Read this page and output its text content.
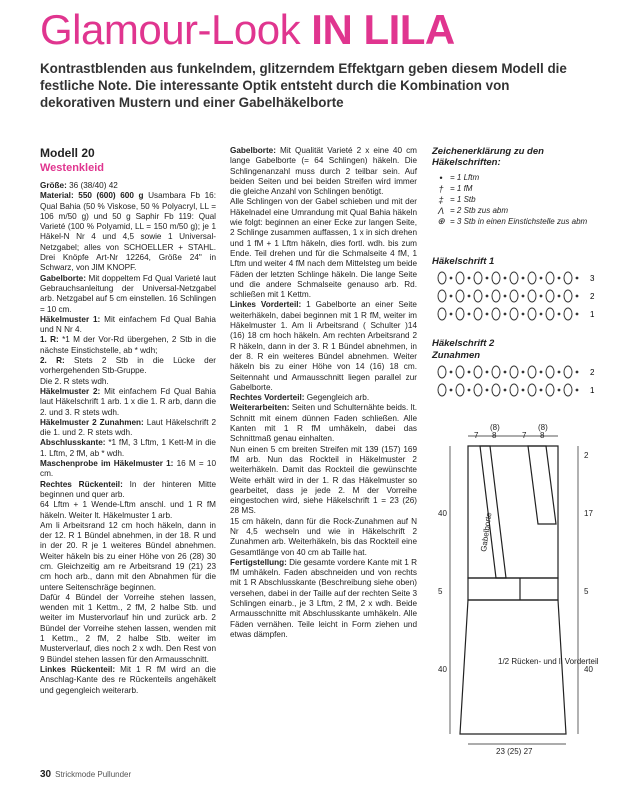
Glamour-Look IN LILA
Kontrastblenden aus funkelndem, glitzerndem Effektgarn geben diesem Modell die festliche Note. Die interessante Optik entsteht durch die Kombination von dekorativen Mustern und einer Gabelhäkelborte

Modell 20

Westenkleid

Größe: 36 (38/40) 42

Material: 550 (600) 600 g Usambara Fb 16: Qual Bahia (50 % Viskose, 50 % Polyacryl, LL = 106 m/50 g) und 50 g Saphir Fb 119: Qual Varieté (100 % Polyamid, LL = 150 m/50 g); je 1 Häkel-N Nr 4 und 4,5 sowie 1 Universal-Netzgabel; alles von SCHOELLER + STAHL. Drei Knöpfe Art-Nr 12264, Größe 24" in Schwarz, von JIM KNOPF.

Gabelborte: Mit doppeltem Fd Qual Varieté laut Gebrauchsanleitung der Universal-Netzgabel arb. Netzgabel auf 5 cm einstellen. 16 Schlingen = 10 cm.

Häkelmuster 1: Mit einfachem Fd Qual Bahia und N Nr 4.

1. R: *1 M der Vor-Rd übergehen, 2 Stb in die nächste Einstichstelle, ab * wdh;

2. R: Stets 2 Stb in die Lücke der vorhergehenden Stb-Gruppe.

Die 2. R stets wdh.

Häkelmuster 2: Mit einfachem Fd Qual Bahia laut Häkelschrift 1 arb. 1 x die 1. R arb, dann die 2. und 3. R stets wdh.

Häkelmuster 2 Zunahmen: Laut Häkelschrift 2 die 1. und 2. R stets wdh.

Abschlusskante: *1 fM, 3 Lftm, 1 Kett-M in die 1. Lftm, 2 fM, ab * wdh.

Maschenprobe im Häkelmuster 1: 16 M = 10 cm.

Rechtes Rückenteil: In der hinteren Mitte beginnen und quer arb.

64 Lftm + 1 Wende-Lftm anschl. und 1 R fM häkeln. Weiter lt. Häkelmuster 1 arb.

Am li Arbeitsrand 12 cm hoch häkeln, dann in der 12. R 1 Bündel abnehmen, in der 18. R und in der 20. R je 1 weiteres Bündel abnehmen. Weiter häkeln bis zu einer Höhe von 26 (28) 30 cm. Gleichzeitig am re Arbeitsrand 19 (21) 23 cm hoch arb., dann mit den Abnahmen für die untere Seitenschräge beginnen.

Dafür 4 Bündel der Vorreihe stehen lassen, wenden mit 1 Kettm., 2 fM, 2 halbe Stb. und weiter im Mustervorlauf hin und zurück arb. 2 Bündel der Vorreihe stehen lassen, wenden mit 1 Kettm., 2 fM, 2 halbe Stb. weiter im Musterverlauf, dies noch 2 x wdh. Den Rest von 9 Bündel stehen lassen für den Armausschnitt.

Linkes Rückenteil: Mit 1 R fM wird an die Anschlag-Kante des re Rückenteils angehäkelt und gegengleich weiterarb.

Gabelborte: Mit Qualität Varieté 2 x eine 40 cm lange Gabelborte (= 64 Schlingen) häkeln. Die Schlingenanzahl muss durch 2 teilbar sein. Auf beiden Seiten und bei beiden Streifen wird immer die gleiche Anzahl von Schlingen benötigt.

Alle Schlingen von der Gabel schieben und mit der Häkelnadel eine Umrandung mit Qual Bahia häkeln wie folgt: beginnen an einer Ecke zur langen Seite, 2 Schlinge zusammen auffassen, 1 x in sich drehen und 1 fM + 1 Lftm häkeln, dies fortl. wdh. bis zum Ende. Teil drehen und für die Schmalseite 4 fM, 1 Lftm und weiter 4 fM nach dem Mittelsteg um beide Fäden der letzten Schlinge häkeln. Die lange Seite und die andere Schmalseite genauso arb. Rd. schließen mit 1 Kettm.

Linkes Vorderteil: 1 Gabelborte an einer Seite weiterhäkeln, dabei beginnen mit 1 R fM, weiter im Häkelmuster 1. Am li Arbeitsrand ( Schulter )14 (16) 18 cm hoch häkeln. Am rechten Arbeitsrand 2 R häkeln, dann in der 3. R 1 Bündel abnehmen, in der 8. R ein weiteres Bündel abnehmen. Weiter häkeln bis zu einer Höhe von 14 (16) 18 cm. Seitennaht und Armausschnitt liegen parallel zur Gabelborte.

Rechtes Vorderteil: Gegengleich arb.

Weiterarbeiten: Seiten und Schulternähte beids. lt. Schnitt mit einem dünnen Faden schließen. Alle Kanten mit 1 R fM umhäkeln, dabei das Schnittmaß genau einhalten.

Nun einen 5 cm breiten Streifen mit 139 (157) 169 fM arb. Nun das Rockteil in Häkelmuster 2 weiterhäkeln. Damit das Rockteil die gewünschte Weite erhält wird in der 1. R das Häkelmuster so gearbeitet, dass je jede 2. M der Vorreihe eingestochen wird, siehe Häkelschrift 1 = 23 (26) 28 MS.

15 cm häkeln, dann für die Rock-Zunahmen auf N Nr 4,5 wechseln und wie in Häkelschrift 2 Zunahmen arb. Weiterhäkeln, bis das Rockteil eine Gesamtlänge von 40 cm ab Taille hat.

Fertigstellung: Die gesamte vordere Kante mit 1 R fM umhäkeln. Faden abschneiden und von rechts mit 1 R Abschlusskante (Beschreibung siehe oben) versehen, dabei in der Taille auf der rechten Seite 3 Schlingen einarb., je 3 Lftm, 2 fM, 2 x wdh. Beide Armausschnitte mit Abschlusskante umhäkeln. Alle Fäden vernähen. Teile leicht in Form ziehen und etwas dämpfen.

Zeichenerklärung zu den Häkelschriften:
• = 1 Lftm
† = 1 fM
‡ = 1 Stb
Λ = 2 Stb zus abm
⊕ = 3 Stb in einen Einstichstelle zus abm
Häkelschrift 1
Häkelschrift 2
Zunahmen
3
2
1
2
1
7
(8)
8	7
(8)
8
2
17
5
40
40
5
40
Gabelborte
1/2 Rücken- und li Vorderteil
23 (25) 27
30 Strickmode Pullunder
